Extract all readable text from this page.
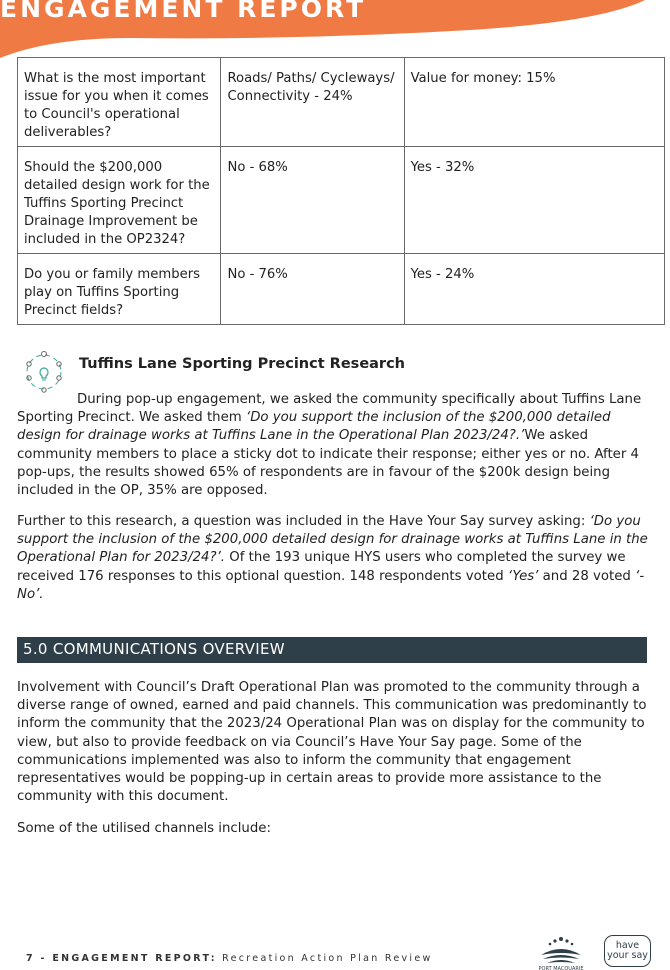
ENGAGEMENT REPORT
What is the most important issue for you when it comes to Council's operational deliverables?	Roads/ Paths/ Cycleways/ Connectivity - 24%	Value for money: 15%
Should the $200,000 detailed design work for the Tuffins Sporting Precinct Drainage Improvement be included in the OP2324?	No - 68%	Yes - 32%
Do you or family members play on Tuffins Sporting Precinct fields?	No - 76%	Yes - 24%
Tuffins Lane Sporting Precinct Research

During pop-up engagement, we asked the community specifically about Tuffins Lane Sporting Precinct. We asked them ‘Do you support the inclusion of the $200,000 detailed design for drainage works at Tuffins Lane in the Operational Plan 2023/24?.’We asked community members to place a sticky dot to indicate their response; either yes or no. After 4 pop-ups, the results showed 65% of respondents are in favour of the $200k design being included in the OP, 35% are opposed.

Further to this research, a question was included in the Have Your Say survey asking: ‘Do you support the inclusion of the $200,000 detailed design for drainage works at Tuffins Lane in the Operational Plan for 2023/24?’. Of the 193 unique HYS users who completed the survey we received 176 responses to this optional question. 148 respondents voted ‘Yes’ and 28 voted ‘- No’.

5.0 COMMUNICATIONS OVERVIEW

Involvement with Council’s Draft Operational Plan was promoted to the community through a diverse range of owned, earned and paid channels. This communication was predominantly to inform the community that the 2023/24 Operational Plan was on display for the community to view, but also to provide feedback on via Council’s Have Your Say page. Some of the communications implemented was also to inform the community that engagement representatives would be popping-up in certain areas to provide more assistance to the community with this document.

Some of the utilised channels include:

7 - ENGAGEMENT REPORT: Recreation Action Plan Review
PORT MACQUARIE
have
your say
